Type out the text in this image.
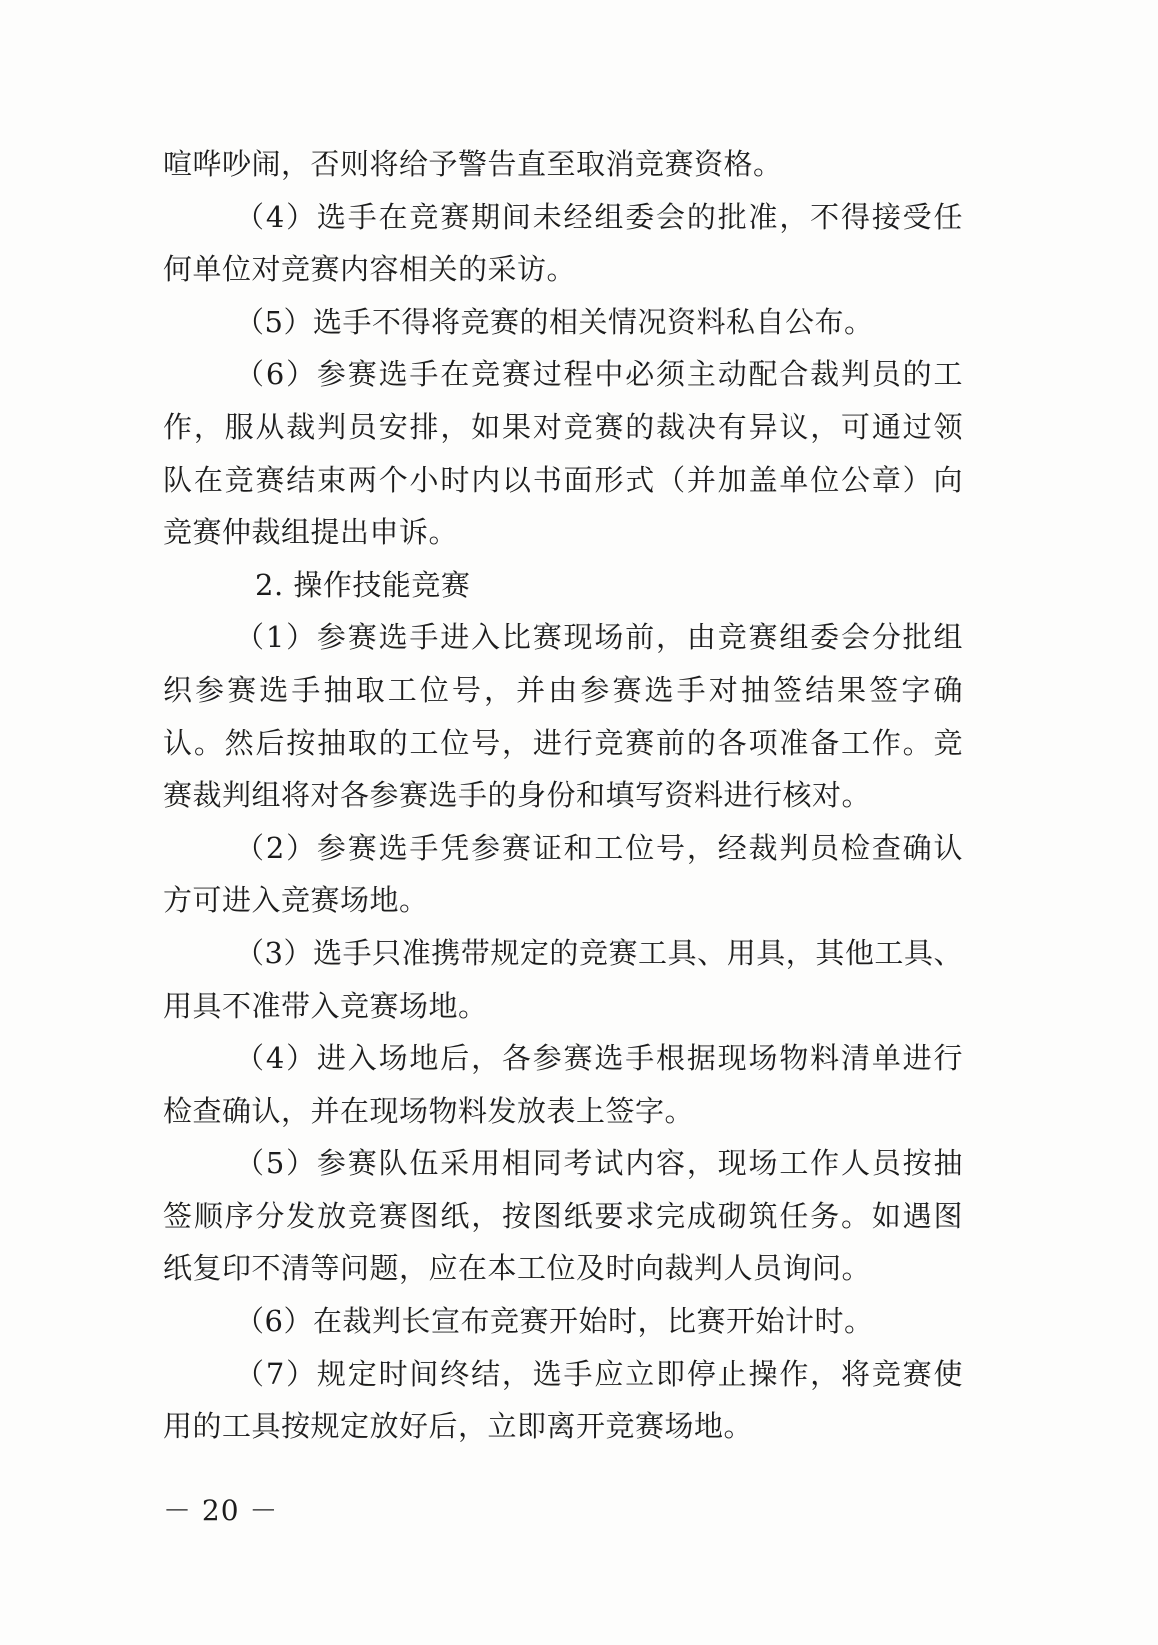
喧哗吵闹，否则将给予警告直至取消竞赛资格。
（4）选手在竞赛期间未经组委会的批准，不得接受任
何单位对竞赛内容相关的采访。
（5）选手不得将竞赛的相关情况资料私自公布。
（6）参赛选手在竞赛过程中必须主动配合裁判员的工
作，服从裁判员安排，如果对竞赛的裁决有异议，可通过领
队在竞赛结束两个小时内以书面形式（并加盖单位公章）向
竞赛仲裁组提出申诉。
2. 操作技能竞赛
（1）参赛选手进入比赛现场前，由竞赛组委会分批组
织参赛选手抽取工位号，并由参赛选手对抽签结果签字确
认。然后按抽取的工位号，进行竞赛前的各项准备工作。竞
赛裁判组将对各参赛选手的身份和填写资料进行核对。
（2）参赛选手凭参赛证和工位号，经裁判员检查确认
方可进入竞赛场地。
（3）选手只准携带规定的竞赛工具、用具，其他工具、
用具不准带入竞赛场地。
（4）进入场地后，各参赛选手根据现场物料清单进行
检查确认，并在现场物料发放表上签字。
（5）参赛队伍采用相同考试内容，现场工作人员按抽
签顺序分发放竞赛图纸，按图纸要求完成砌筑任务。如遇图
纸复印不清等问题，应在本工位及时向裁判人员询问。
（6）在裁判长宣布竞赛开始时，比赛开始计时。
（7）规定时间终结，选手应立即停止操作，将竞赛使
用的工具按规定放好后，立即离开竞赛场地。
－ 20 －
